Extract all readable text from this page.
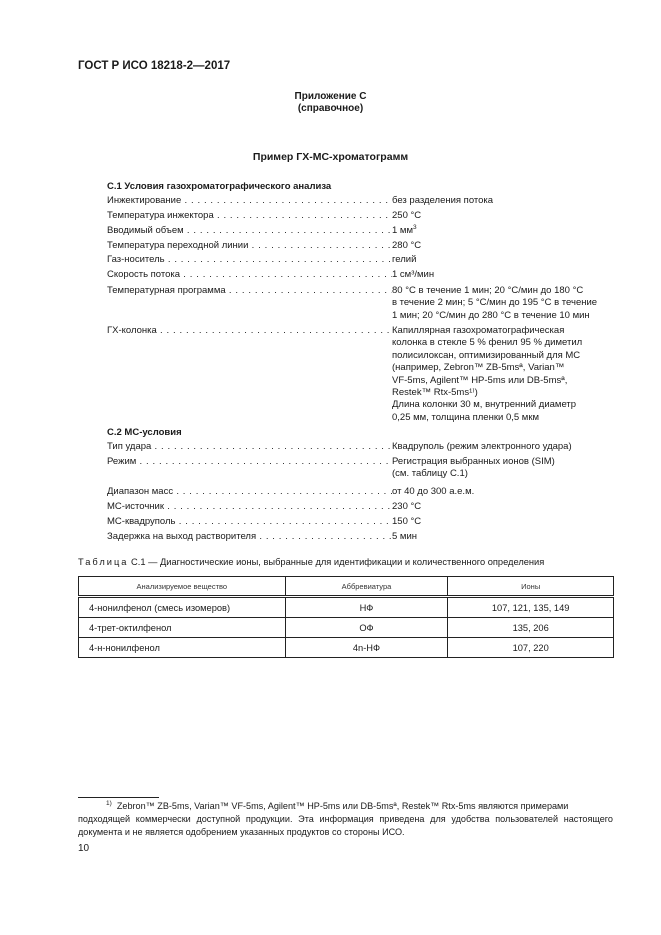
ГОСТ Р ИСО 18218-2—2017
Приложение С
(справочное)
Пример ГХ-МС-хроматограмм
С.1 Условия газохроматографического анализа
Инжектирование . . .	без разделения потока
Температура инжектора . . .	250 °С
Вводимый объем . . .	1 $мм^3$
Температура переходной линии . . .	280 °С
Газ-носитель . . .	гелий
Скорость потока . . .	1 см³/мин
Температурная программа . . .	80 °С в течение 1 мин; 20 °С/мин до 180 °С
в течение 2 мин; 5 °С/мин до 195 °С в течение
1 мин; 20 °С/мин до 280 °С в течение 10 мин
ГХ-колонка . . .	Капиллярная газохроматографическая
колонка в стекле 5 % фенил 95 % диметил
полисилоксан, оптимизированный для МС
(например, Zebron™ ZB-5msª, Varian™
VF-5ms, Agilent™ HP-5ms или DB-5msª,
Restek™ Rtx-5ms¹⁾)
Длина колонки 30 м, внутренний диаметр
0,25 мм, толщина пленки 0,5 мкм
С.2 МС-условия
Тип удара . . .	Квадруполь (режим электронного удара)
Режим . . .	Регистрация выбранных ионов (SIM)
(см. таблицу С.1)
Диапазон масс . . .	от 40 до 300 а.е.м.
МС-источник . . .	230 °С
МС-квадруполь . . .	150 °С
Задержка на выход растворителя . . .	5 мин
Таблица С.1 — Диагностические ионы, выбранные для идентификации и количественного определения
Анализируемое вещество	Аббревиатура	Ионы
4-нонилфенол (смесь изомеров)	НФ	107, 121, 135, 149
4-трет-октилфенол	ОФ	135, 206
4-н-нонилфенол	4n-НФ	107, 220
$^{1)}$ Zebron™ ZB-5ms, Varian™ VF-5ms, Agilent™ HP-5ms или DB-5msª, Restek™ Rtx-5ms являются примерами
подходящей коммерчески доступной продукции. Эта информация приведена для удобства пользователей настоящего документа и не является одобрением указанных продуктов со стороны ИСО.
10
